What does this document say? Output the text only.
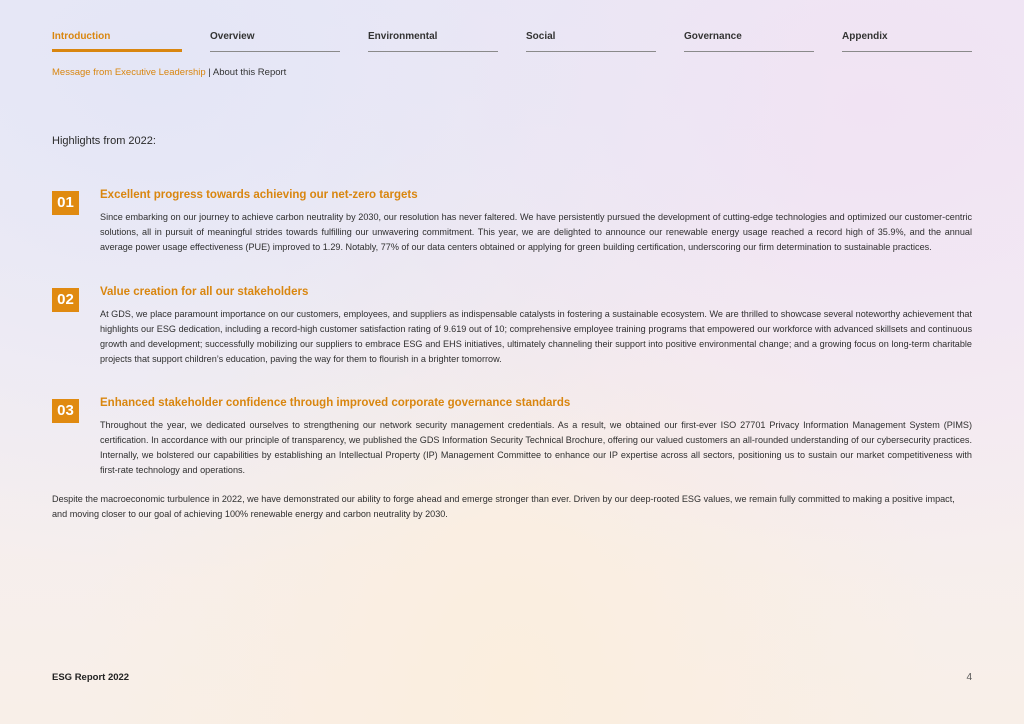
Introduction	Overview	Environmental	Social	Governance	Appendix
Message from Executive Leadership | About this Report
Highlights from 2022:
01	Excellent progress towards achieving our net-zero targets

Since embarking on our journey to achieve carbon neutrality by 2030, our resolution has never faltered. We have persistently pursued the development of cutting-edge technologies and optimized our customer-centric solutions, all in pursuit of meaningful strides towards fulfilling our unwavering commitment. This year, we are delighted to announce our renewable energy usage reached a record high of 35.9%, and the annual average power usage effectiveness (PUE) improved to 1.29. Notably, 77% of our data centers obtained or applying for green building certification, underscoring our firm determination to sustainable practices.

02	Value creation for all our stakeholders

At GDS, we place paramount importance on our customers, employees, and suppliers as indispensable catalysts in fostering a sustainable ecosystem. We are thrilled to showcase several noteworthy achievement that highlights our ESG dedication, including a record-high customer satisfaction rating of 9.619 out of 10; comprehensive employee training programs that empowered our workforce with advanced skillsets and continuous growth and development; successfully mobilizing our suppliers to embrace ESG and EHS initiatives, ultimately channeling their support into positive environmental change; and a growing focus on long-term charitable projects that support children’s education, paving the way for them to flourish in a brighter tomorrow.

03	Enhanced stakeholder confidence through improved corporate governance standards

Throughout the year, we dedicated ourselves to strengthening our network security management credentials. As a result, we obtained our first-ever ISO 27701 Privacy Information Management System (PIMS) certification. In accordance with our principle of transparency, we published the GDS Information Security Technical Brochure, offering our valued customers an all-rounded understanding of our cybersecurity practices. Internally, we bolstered our capabilities by establishing an Intellectual Property (IP) Management Committee to enhance our IP expertise across all sectors, positioning us to sustain our market competitiveness with first-rate technology and operations.

Despite the macroeconomic turbulence in 2022, we have demonstrated our ability to forge ahead and emerge stronger than ever. Driven by our deep-rooted ESG values, we remain fully committed to making a positive impact, and moving closer to our goal of achieving 100% renewable energy and carbon neutrality by 2030.

ESG Report 2022	4
